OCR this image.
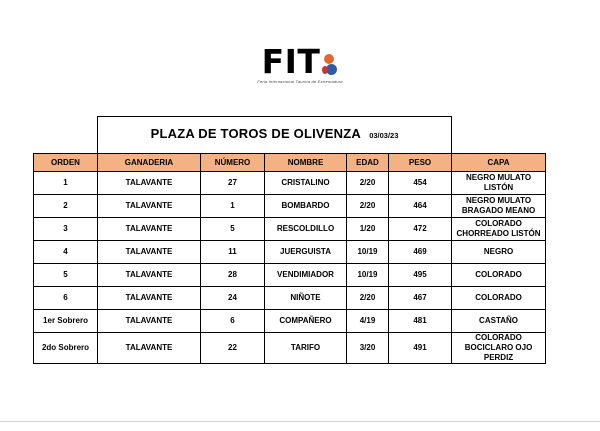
FIT
Feria Internacional Taurina de Extremadura
	PLAZA DE TOROS DE OLIVENZA 03/03/23					
ORDEN	GANADERIA	NÚMERO	NOMBRE	EDAD	PESO	CAPA
1	TALAVANTE	27	CRISTALINO	2/20	454	NEGRO MULATO LISTÓN
2	TALAVANTE	1	BOMBARDO	2/20	464	NEGRO MULATO BRAGADO MEANO
3	TALAVANTE	5	RESCOLDILLO	1/20	472	COLORADO CHORREADO LISTÓN
4	TALAVANTE	11	JUERGUISTA	10/19	469	NEGRO
5	TALAVANTE	28	VENDIMIADOR	10/19	495	COLORADO
6	TALAVANTE	24	NIÑOTE	2/20	467	COLORADO
1er Sobrero	TALAVANTE	6	COMPAÑERO	4/19	481	CASTAÑO
2do Sobrero	TALAVANTE	22	TARIFO	3/20	491	COLORADO BOCICLARO OJO PERDIZ
